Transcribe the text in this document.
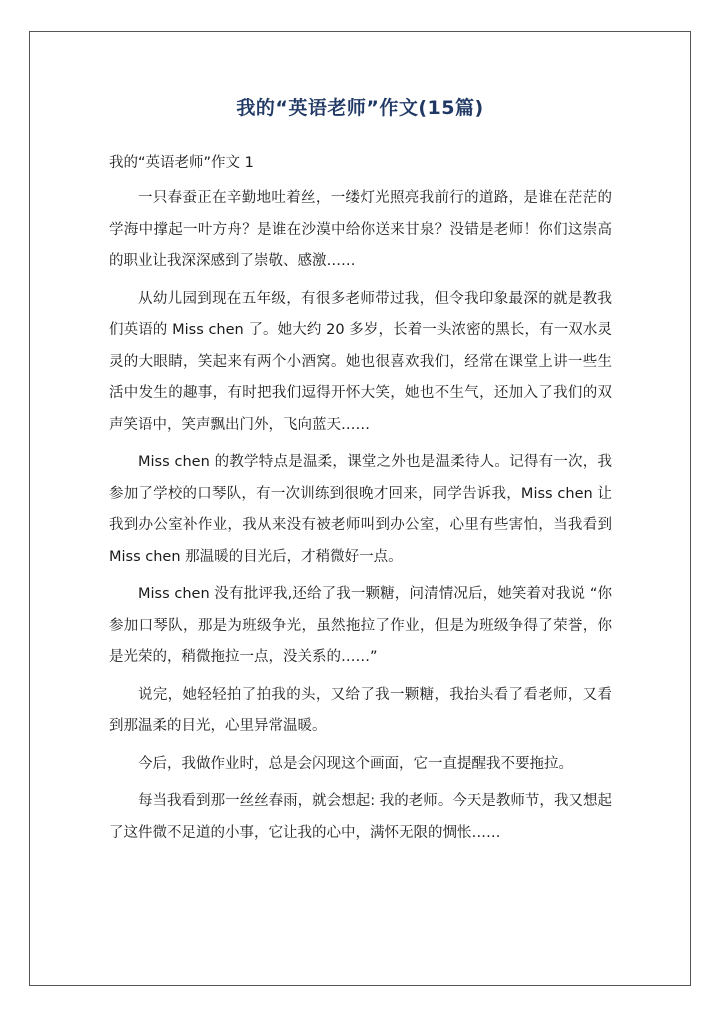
我的“英语老师”作文(15篇)

我的“英语老师”作文 1

一只春蚕正在辛勤地吐着丝，一缕灯光照亮我前行的道路，是谁在茫茫的学海中撑起一叶方舟？是谁在沙漠中给你送来甘泉？没错是老师！你们这崇高的职业让我深深感到了崇敬、感激……

从幼儿园到现在五年级，有很多老师带过我，但令我印象最深的就是教我们英语的 Miss chen 了。她大约 20 多岁，长着一头浓密的黑长，有一双水灵灵的大眼睛，笑起来有两个小酒窝。她也很喜欢我们，经常在课堂上讲一些生活中发生的趣事，有时把我们逗得开怀大笑，她也不生气，还加入了我们的双声笑语中，笑声飘出门外，飞向蓝天……

Miss chen 的教学特点是温柔，课堂之外也是温柔待人。记得有一次，我参加了学校的口琴队，有一次训练到很晚才回来，同学告诉我，Miss chen 让我到办公室补作业，我从来没有被老师叫到办公室，心里有些害怕，当我看到 Miss chen 那温暖的目光后，才稍微好一点。

Miss chen 没有批评我,还给了我一颗糖，问清情况后，她笑着对我说 “你参加口琴队，那是为班级争光，虽然拖拉了作业，但是为班级争得了荣誉，你是光荣的，稍微拖拉一点，没关系的……”

说完，她轻轻拍了拍我的头，又给了我一颗糖，我抬头看了看老师，又看到那温柔的目光，心里异常温暖。

今后，我做作业时，总是会闪现这个画面，它一直提醒我不要拖拉。

每当我看到那一丝丝春雨，就会想起: 我的老师。今天是教师节，我又想起了这件微不足道的小事，它让我的心中，满怀无限的惆怅……
